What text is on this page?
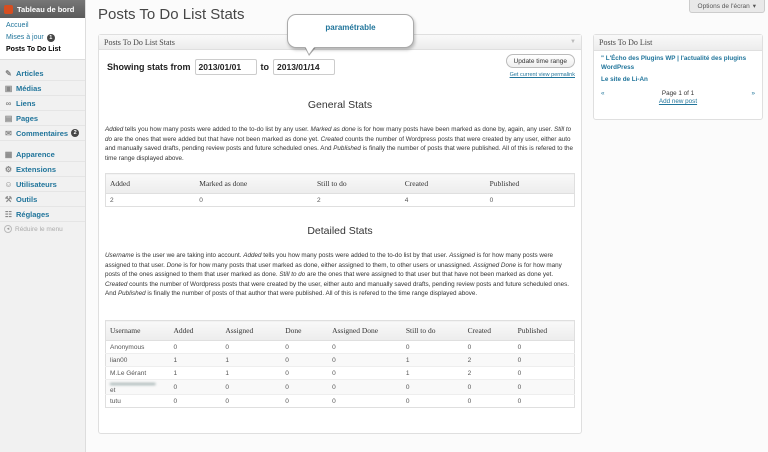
Tableau de bord
Accueil
Mises à jour 1
Posts To Do List
✎ Articles
▣ Médias
∞ Liens
▤ Pages
✉ Commentaires 2
▦ Apparence
⚙ Extensions
☺ Utilisateurs
⚒ Outils
☷ Réglages
◂ Réduire le menu
Posts To Do List Stats	Options de l'écran ▾
paramétrable
Posts To Do List Stats	▼
Showing stats from 2013/01/01	to 2013/01/14
Update time range
Get current view permalink
General Stats
Added tells you how many posts were added to the to-do list by any user. Marked as done is for how many posts have been marked as done by, again, any user. Still to do are the ones that were added but that have not been marked as done yet. Created counts the number of Wordpress posts that were created by any user, either auto and manually saved drafts, pending review posts and future scheduled ones. And Published is finally the number of posts that were published. All of this is refered to the time range displayed above.
Added	Marked as done	Still to do	Created	Published
2	0	2	4	0
Detailed Stats
Username is the user we are taking into account. Added tells you how many posts were added to the to-do list by that user. Assigned is for how many posts were assigned to that user. Done is for how many posts that user marked as done, either assigned to them, to other users or unassigned. Assigned Done is for how many posts of the ones assigned to them that user marked as done. Still to do are the ones that were assigned to that user but that have not been marked as done yet. Created counts the number of Wordpress posts that were created by the user, either auto and manually saved drafts, pending review posts and future scheduled ones. And Published is finally the number of posts of that author that were published. All of this is refered to the time range displayed above.
Username	Added	Assigned	Done	Assigned Done	Still to do	Created	Published
Anonymous	0	0	0	0	0	0	0
lian00	1	1	0	0	1	2	0
M.Le Gérant	1	1	0	0	1	2	0

▬▬▬▬▬▬▬
et	0	0	0	0	0	0	0
tutu	0	0	0	0	0	0	0
Posts To Do List
" L'Écho des Plugins WP | l'actualité des plugins WordPress
Le site de Li-An
«	Page 1 of 1
Add new post
»
